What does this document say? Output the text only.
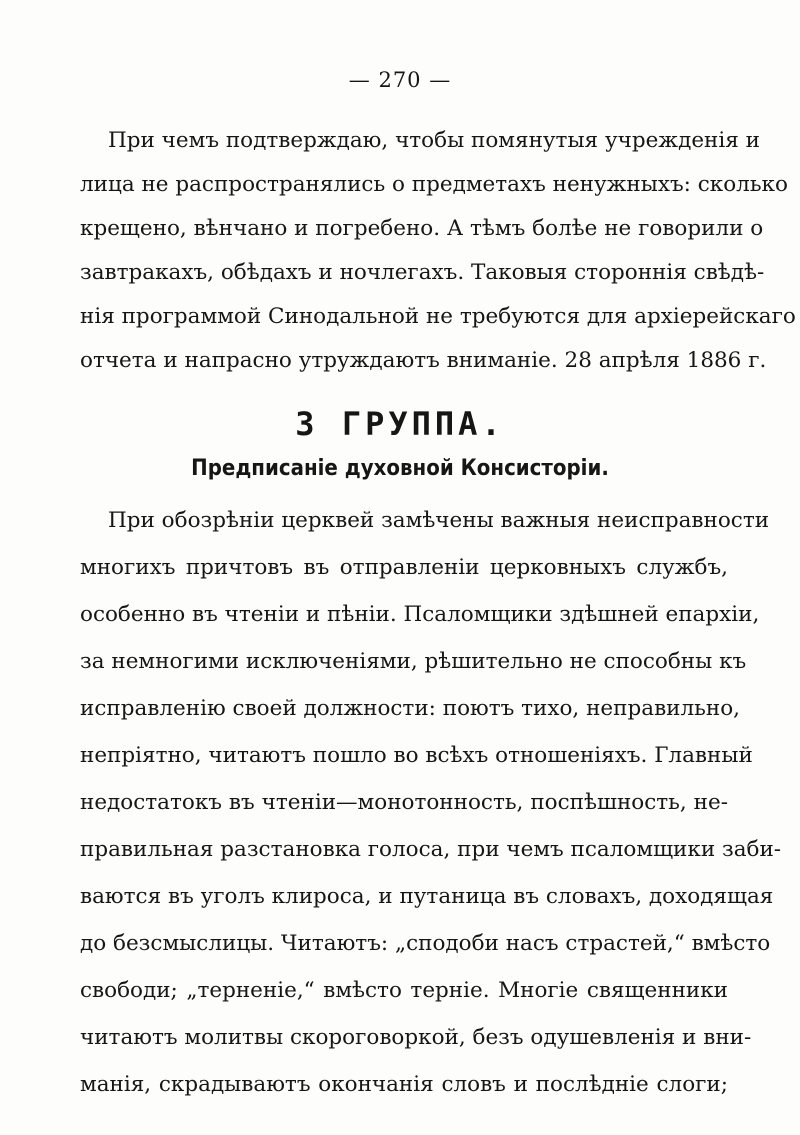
— 270 —
При чемъ подтверждаю, чтобы помянутыя учрежденія и
лица не распространялись о предметахъ ненужныхъ: сколько
крещено, вѣнчано и погребено. А тѣмъ болѣе не говорили о
завтракахъ, обѣдахъ и ночлегахъ. Таковыя стороннія свѣдѣ-
нія программой Синодальной не требуются для архіерейскаго
отчета и напрасно утруждаютъ вниманіе. 28 апрѣля 1886 г.
3 ГРУППА.
Предписаніе духовной Консисторіи.
При обозрѣніи церквей замѣчены важныя неисправности
многихъ причтовъ въ отправленіи церковныхъ службъ,
особенно въ чтеніи и пѣніи. Псаломщики здѣшней епархіи,
за немногими исключеніями, рѣшительно не способны къ
исправленію своей должности: поютъ тихо, неправильно,
непріятно, читаютъ пошло во всѣхъ отношеніяхъ. Главный
недостатокъ въ чтеніи—монотонность, поспѣшность, не-
правильная разстановка голоса, при чемъ псаломщики заби-
ваются въ уголъ клироса, и путаница въ словахъ, доходящая
до безсмыслицы. Читаютъ: „сподоби насъ страстей,“ вмѣсто
свободи; „терненіе,“ вмѣсто терніе. Многіе священники
читаютъ молитвы скороговоркой, безъ одушевленія и вни-
манія, скрадываютъ окончанія словъ и послѣдніе слоги;
